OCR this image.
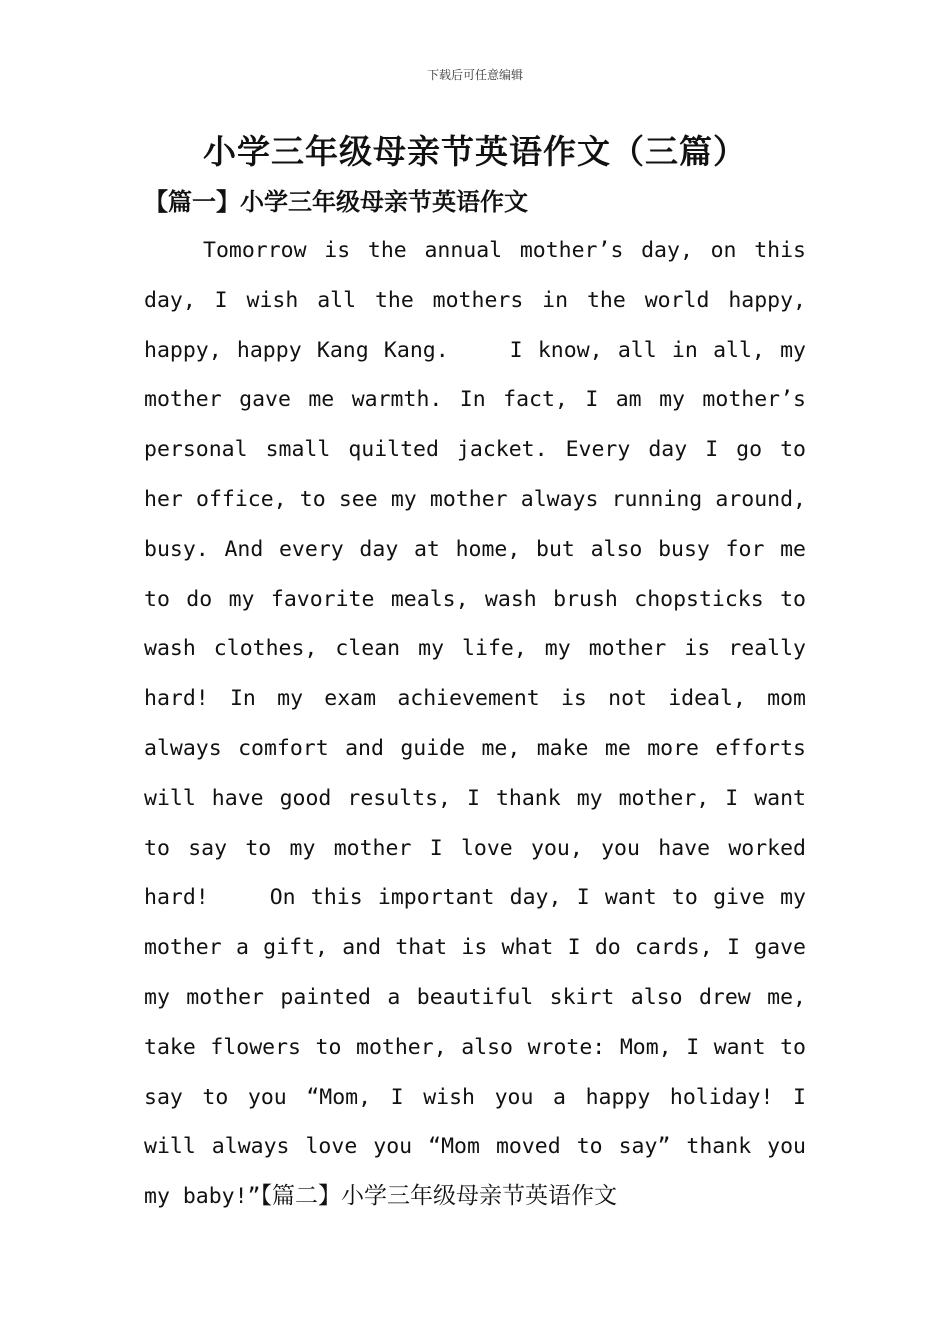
下载后可任意编辑
小学三年级母亲节英语作文（三篇）
【篇一】小学三年级母亲节英语作文
Tomorrow is the annual mother’s day, on this
day, I wish all the mothers in the world happy,
happy, happy Kang Kang.    I know, all in all, my
mother gave me warmth. In fact, I am my mother’s
personal small quilted jacket. Every day I go to
her office, to see my mother always running around,
busy. And every day at home, but also busy for me
to do my favorite meals, wash brush chopsticks to
wash clothes, clean my life, my mother is really
hard! In my exam achievement is not ideal, mom
always comfort and guide me, make me more efforts
will have good results, I thank my mother, I want
to say to my mother I love you, you have worked
hard!    On this important day, I want to give my
mother a gift, and that is what I do cards, I gave
my mother painted a beautiful skirt also drew me,
take flowers to mother, also wrote: Mom, I want to
say to you “Mom, I wish you a happy holiday! I
will always love you “Mom moved to say” thank you
my baby!”【篇二】小学三年级母亲节英语作文
